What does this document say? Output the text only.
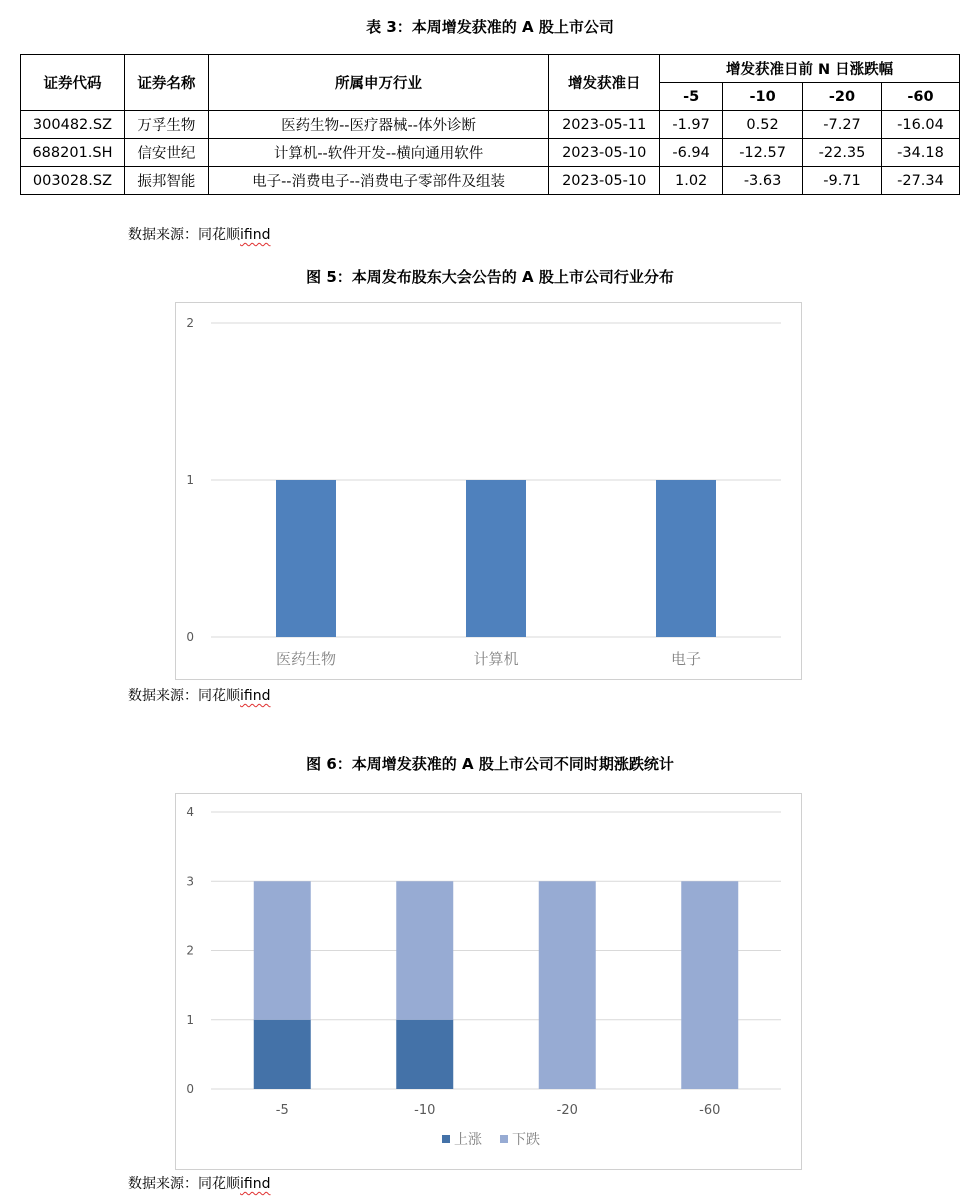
表 3：本周增发获准的 A 股上市公司
证券代码	证券名称	所属申万行业	增发获准日	增发获准日前 N 日涨跌幅			
				-5	-10	-20	-60
300482.SZ	万孚生物	医药生物--医疗器械--体外诊断	2023-05-11	-1.97	0.52	-7.27	-16.04
688201.SH	信安世纪	计算机--软件开发--横向通用软件	2023-05-10	-6.94	-12.57	-22.35	-34.18
003028.SZ	振邦智能	电子--消费电子--消费电子零部件及组装	2023-05-10	1.02	-3.63	-9.71	-27.34
数据来源：同花顺ifind
图 5：本周发布股东大会公告的 A 股上市公司行业分布
0
1
2
医药生物	计算机	电子
数据来源：同花顺ifind
图 6：本周增发获准的 A 股上市公司不同时期涨跌统计
0
1
2
3
4
-5	-10	-20	-60
上涨 下跌
数据来源：同花顺ifind
